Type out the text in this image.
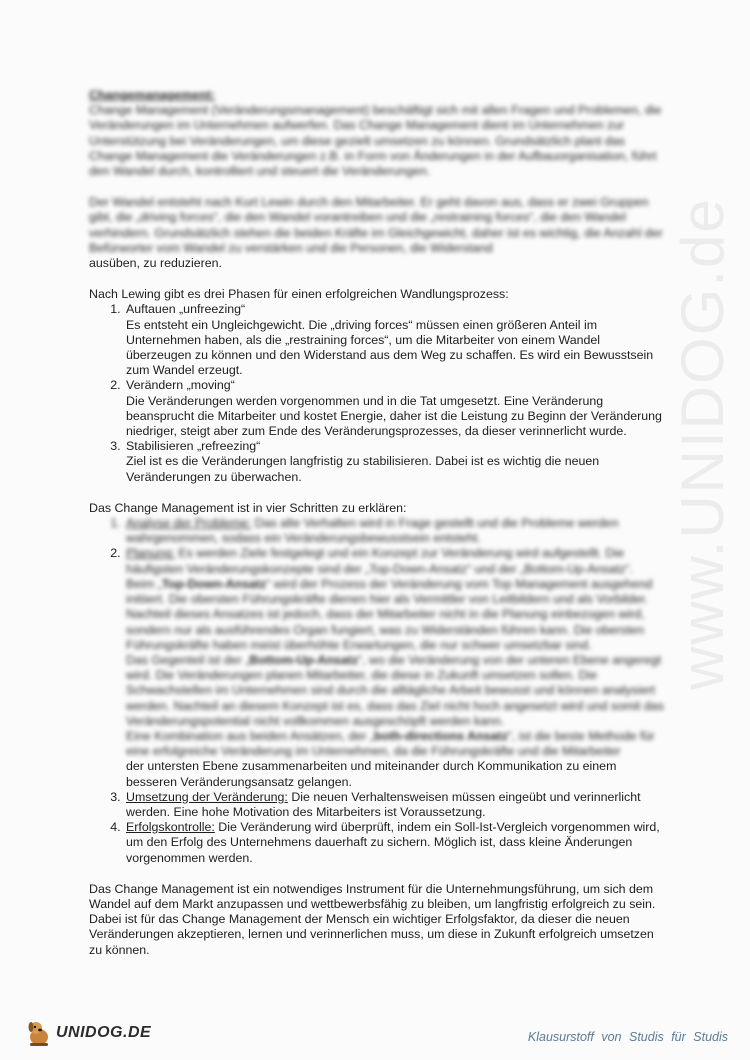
www.UNIDOG.de

Changemanagement:

Change Management (Veränderungsmanagement) beschäftigt sich mit allen Fragen und Problemen, die Veränderungen im Unternehmen aufwerfen. Das Change Management dient im Unternehmen zur Unterstützung bei Veränderungen, um diese gezielt umsetzen zu können. Grundsätzlich plant das Change Management die Veränderungen z.B. in Form von Änderungen in der Aufbauorganisation, führt den Wandel durch, kontrolliert und steuert die Veränderungen.

Der Wandel entsteht nach Kurt Lewin durch den Mitarbeiter. Er geht davon aus, dass er zwei Gruppen gibt, die „driving forces“, die den Wandel vorantreiben und die „restraining forces“, die den Wandel verhindern. Grundsätzlich stehen die beiden Kräfte im Gleichgewicht, daher ist es wichtig, die Anzahl der Befürworter vom Wandel zu verstärken und die Personen, die Widerstand

ausüben, zu reduzieren.

Nach Lewing gibt es drei Phasen für einen erfolgreichen Wandlungsprozess:

1. Auftauen „unfreezing“
Es entsteht ein Ungleichgewicht. Die „driving forces“ müssen einen größeren Anteil im Unternehmen haben, als die „restraining forces“, um die Mitarbeiter von einem Wandel überzeugen zu können und den Widerstand aus dem Weg zu schaffen. Es wird ein Bewusstsein zum Wandel erzeugt.
2. Verändern „moving“
Die Veränderungen werden vorgenommen und in die Tat umgesetzt. Eine Veränderung beansprucht die Mitarbeiter und kostet Energie, daher ist die Leistung zu Beginn der Veränderung niedriger, steigt aber zum Ende des Veränderungsprozesses, da dieser verinnerlicht wurde.
3. Stabilisieren „refreezing“
Ziel ist es die Veränderungen langfristig zu stabilisieren. Dabei ist es wichtig die neuen Veränderungen zu überwachen.

Das Change Management ist in vier Schritten zu erklären:

1. Analyse der Probleme: Das alte Verhalten wird in Frage gestellt und die Probleme werden wahrgenommen, sodass ein Veränderungsbewusstsein entsteht.
2. Planung: Es werden Ziele festgelegt und ein Konzept zur Veränderung wird aufgestellt. Die häufigsten Veränderungskonzepte sind der „Top-Down-Ansatz“ und der „Bottom-Up-Ansatz“.
Beim „Top-Down-Ansatz“ wird der Prozess der Veränderung vom Top Management ausgehend initiiert. Die obersten Führungskräfte dienen hier als Vermittler von Leitbildern und als Vorbilder. Nachteil dieses Ansatzes ist jedoch, dass der Mitarbeiter nicht in die Planung einbezogen wird, sondern nur als ausführendes Organ fungiert, was zu Widerständen führen kann. Die obersten Führungskräfte haben meist überhöhte Erwartungen, die nur schwer umsetzbar sind.
Das Gegenteil ist der „Bottom-Up-Ansatz“, wo die Veränderung von der unteren Ebene angeregt wird. Die Veränderungen planen Mitarbeiter, die diese in Zukunft umsetzen sollen. Die Schwachstellen im Unternehmen sind durch die alltägliche Arbeit bewusst und können analysiert werden. Nachteil an diesem Konzept ist es, dass das Ziel nicht hoch angesetzt wird und somit das Veränderungspotential nicht vollkommen ausgeschöpft werden kann.
Eine Kombination aus beiden Ansätzen, der „both-directions Ansatz“, ist die beste Methode für eine erfolgreiche Veränderung im Unternehmen, da die Führungskräfte und die Mitarbeiter
der untersten Ebene zusammenarbeiten und miteinander durch Kommunikation zu einem
besseren Veränderungsansatz gelangen.
3. Umsetzung der Veränderung: Die neuen Verhaltensweisen müssen eingeübt und verinnerlicht werden. Eine hohe Motivation des Mitarbeiters ist Voraussetzung.
4. Erfolgskontrolle: Die Veränderung wird überprüft, indem ein Soll-Ist-Vergleich vorgenommen wird, um den Erfolg des Unternehmens dauerhaft zu sichern. Möglich ist, dass kleine Änderungen vorgenommen werden.

Das Change Management ist ein notwendiges Instrument für die Unternehmungsführung, um sich dem Wandel auf dem Markt anzupassen und wettbewerbsfähig zu bleiben, um langfristig erfolgreich zu sein. Dabei ist für das Change Management der Mensch ein wichtiger Erfolgsfaktor, da dieser die neuen Veränderungen akzeptieren, lernen und verinnerlichen muss, um diese in Zukunft erfolgreich umsetzen zu können.

UNIDOG.DE	Klausurstoff von Studis für Studis
